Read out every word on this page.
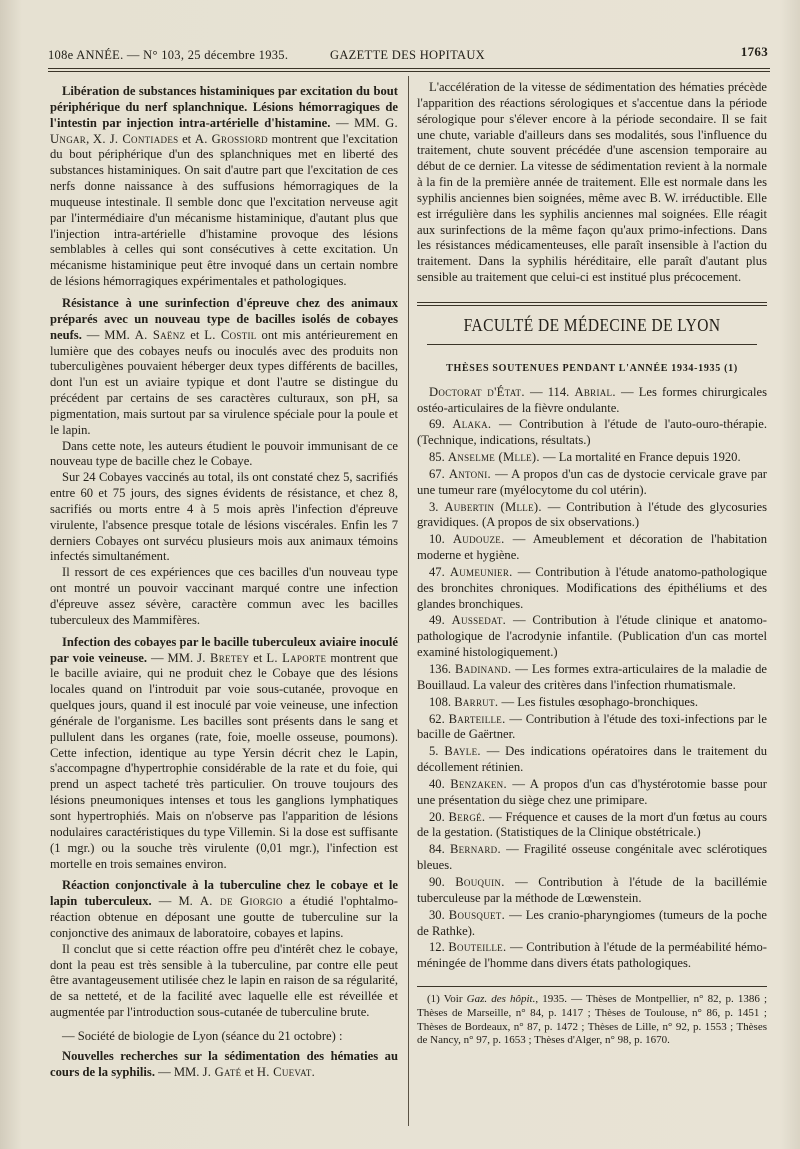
108e ANNÉE. — N° 103, 25 décembre 1935.	GAZETTE DES HOPITAUX	1763

Libération de substances histaminiques par excitation du bout périphérique du nerf splanchnique. Lésions hémorragiques de l'intestin par injection intra-artérielle d'histamine. — MM. G. Ungar, X. J. Contiades et A. Grossiord montrent que l'excitation du bout périphérique d'un des splanchniques met en liberté des substances histaminiques. On sait d'autre part que l'excitation de ces nerfs donne naissance à des suffusions hémorragiques de la muqueuse intestinale. Il semble donc que l'excitation nerveuse agit par l'intermédiaire d'un mécanisme histaminique, d'autant plus que l'injection intra-artérielle d'histamine provoque des lésions semblables à celles qui sont consécutives à cette excitation. Un mécanisme histaminique peut être invoqué dans un certain nombre de lésions hémorragiques expérimentales et pathologiques.

Résistance à une surinfection d'épreuve chez des animaux préparés avec un nouveau type de bacilles isolés de cobayes neufs. — MM. A. Saënz et L. Costil ont mis antérieurement en lumière que des cobayes neufs ou inoculés avec des produits non tuberculigènes pouvaient héberger deux types différents de bacilles, dont l'un est un aviaire typique et dont l'autre se distingue du précédent par certains de ses caractères culturaux, son pH, sa pigmentation, mais surtout par sa virulence spéciale pour la poule et le lapin.

Dans cette note, les auteurs étudient le pouvoir immunisant de ce nouveau type de bacille chez le Cobaye.

Sur 24 Cobayes vaccinés au total, ils ont constaté chez 5, sacrifiés entre 60 et 75 jours, des signes évidents de résistance, et chez 8, sacrifiés ou morts entre 4 à 5 mois après l'infection d'épreuve virulente, l'absence presque totale de lésions viscérales. Enfin les 7 derniers Cobayes ont survécu plusieurs mois aux animaux témoins infectés simultanément.

Il ressort de ces expériences que ces bacilles d'un nouveau type ont montré un pouvoir vaccinant marqué contre une infection d'épreuve assez sévère, caractère commun avec les bacilles tuberculeux des Mammifères.

Infection des cobayes par le bacille tuberculeux aviaire inoculé par voie veineuse. — MM. J. Bretey et L. Laporte montrent que le bacille aviaire, qui ne produit chez le Cobaye que des lésions locales quand on l'introduit par voie sous-cutanée, provoque en quelques jours, quand il est inoculé par voie veineuse, une infection générale de l'organisme. Les bacilles sont présents dans le sang et pullulent dans les organes (rate, foie, moelle osseuse, poumons). Cette infection, identique au type Yersin décrit chez le Lapin, s'accompagne d'hypertrophie considérable de la rate et du foie, qui prend un aspect tacheté très particulier. On trouve toujours des lésions pneumoniques intenses et tous les ganglions lymphatiques sont hypertrophiés. Mais on n'observe pas l'apparition de lésions nodulaires caractéristiques du type Villemin. Si la dose est suffisante (1 mgr.) ou la souche très virulente (0,01 mgr.), l'infection est mortelle en trois semaines environ.

Réaction conjonctivale à la tuberculine chez le cobaye et le lapin tuberculeux. — M. A. de Giorgio a étudié l'ophtalmo-réaction obtenue en déposant une goutte de tuberculine sur la conjonctive des animaux de laboratoire, cobayes et lapins.

Il conclut que si cette réaction offre peu d'intérêt chez le cobaye, dont la peau est très sensible à la tuberculine, par contre elle peut être avantageusement utilisée chez le lapin en raison de sa régularité, de sa netteté, et de la facilité avec laquelle elle est réveillée et augmentée par l'introduction sous-cutanée de tuberculine brute.

— Société de biologie de Lyon (séance du 21 octobre) :

Nouvelles recherches sur la sédimentation des hématies au cours de la syphilis. — MM. J. Gaté et H. Cuevat.

L'accélération de la vitesse de sédimentation des hématies précède l'apparition des réactions sérologiques et s'accentue dans la période sérologique pour s'élever encore à la période secondaire. Il se fait une chute, variable d'ailleurs dans ses modalités, sous l'influence du traitement, chute souvent précédée d'une ascension temporaire au début de ce dernier. La vitesse de sédimentation revient à la normale à la fin de la première année de traitement. Elle est normale dans les syphilis anciennes bien soignées, même avec B. W. irréductible. Elle est irrégulière dans les syphilis anciennes mal soignées. Elle réagit aux surinfections de la même façon qu'aux primo-infections. Dans les résistances médicamenteuses, elle paraît insensible à l'action du traitement. Dans la syphilis héréditaire, elle paraît d'autant plus sensible au traitement que celui-ci est institué plus précocement.

FACULTÉ DE MÉDECINE DE LYON
THÈSES SOUTENUES PENDANT L'ANNÉE 1934-1935 (1)

Doctorat d'État. — 114. Abrial. — Les formes chirurgicales ostéo-articulaires de la fièvre ondulante.

69. Alaka. — Contribution à l'étude de l'auto-ouro-thérapie. (Technique, indications, résultats.)

85. Anselme (Mlle). — La mortalité en France depuis 1920.

67. Antoni. — A propos d'un cas de dystocie cervicale grave par une tumeur rare (myélocytome du col utérin).

3. Aubertin (Mlle). — Contribution à l'étude des glycosuries gravidiques. (A propos de six observations.)

10. Audouze. — Ameublement et décoration de l'habitation moderne et hygiène.

47. Aumeunier. — Contribution à l'étude anatomo-pathologique des bronchites chroniques. Modifications des épithéliums et des glandes bronchiques.

49. Aussedat. — Contribution à l'étude clinique et anatomo-pathologique de l'acrodynie infantile. (Publication d'un cas mortel examiné histologiquement.)

136. Badinand. — Les formes extra-articulaires de la maladie de Bouillaud. La valeur des critères dans l'infection rhumatismale.

108. Barrut. — Les fistules œsophago-bronchiques.

62. Barteille. — Contribution à l'étude des toxi-infections par le bacille de Gaërtner.

5. Bayle. — Des indications opératoires dans le traitement du décollement rétinien.

40. Benzaken. — A propos d'un cas d'hystérotomie basse pour une présentation du siège chez une primipare.

20. Bergé. — Fréquence et causes de la mort d'un fœtus au cours de la gestation. (Statistiques de la Clinique obstétricale.)

84. Bernard. — Fragilité osseuse congénitale avec sclérotiques bleues.

90. Bouquin. — Contribution à l'étude de la bacillémie tuberculeuse par la méthode de Lœwenstein.

30. Bousquet. — Les cranio-pharyngiomes (tumeurs de la poche de Rathke).

12. Bouteille. — Contribution à l'étude de la perméabilité hémo-méningée de l'homme dans divers états pathologiques.

(1) Voir Gaz. des hôpit., 1935. — Thèses de Montpellier, n° 82, p. 1386 ; Thèses de Marseille, n° 84, p. 1417 ; Thèses de Toulouse, n° 86, p. 1451 ; Thèses de Bordeaux, n° 87, p. 1472 ; Thèses de Lille, n° 92, p. 1553 ; Thèses de Nancy, n° 97, p. 1653 ; Thèses d'Alger, n° 98, p. 1670.
